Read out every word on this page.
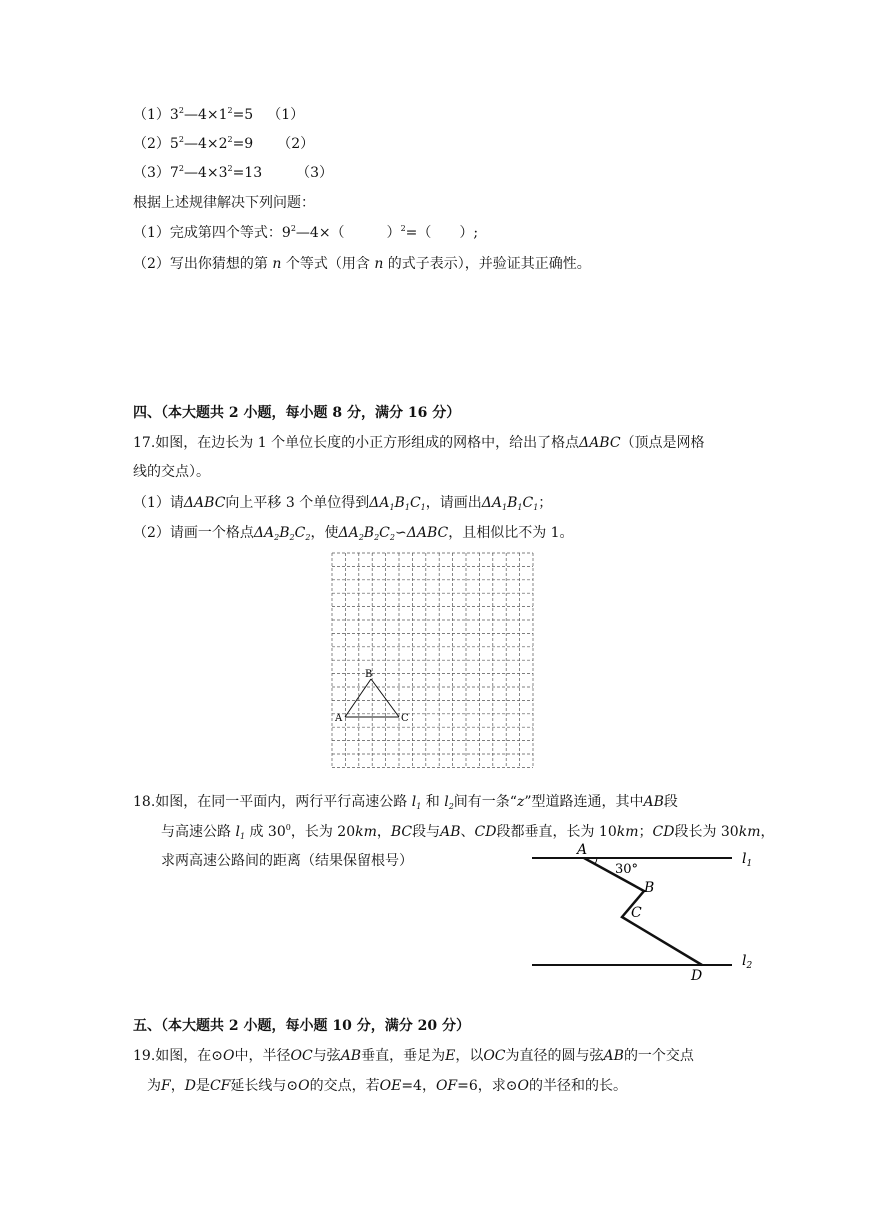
$(1)3^2—4\times 1^2=5$ （1）
$(2)5^2—4\times 2^2=9$ （2）
$(3)7^2—4\times 3^2=13$ （3）
根据上述规律解决下列问题：
（1）完成第四个等式：$9^2—4\times$（　　　）$^2$=（　　）;
（2）写出你猜想的第 n 个等式（用含 n 的式子表示），并验证其正确性。
四、（本大题共 2 小题，每小题 8 分，满分 16 分）
17.如图，在边长为 1 个单位长度的小正方形组成的网格中，给出了格点ΔABC（顶点是网格
线的交点）。
（1）请ΔABC向上平移 3 个单位得到$\Delta A_1B_1C_1$，请画出$\Delta A_1B_1C_1$；
（2）请画一个格点$\Delta A_2B_2C_2$，使$\Delta A_2B_2C_2∽\Delta ABC$，且相似比不为 1。
A
B
C
18.如图，在同一平面内，两行平行高速公路 $l_1$ 和 $l_2$间有一条“z”型道路连通，其中AB段
与高速公路 $l_1$ 成 $30^0$，长为 20km，BC段与AB、CD段都垂直，长为 10km；CD段长为 30km，
求两高速公路间的距离（结果保留根号）
A
30°
B
C
D
$l_1$
$l_2$
五、（本大题共 2 小题，每小题 10 分，满分 20 分）
19.如图，在⊙O中，半径OC与弦AB垂直，垂足为E，以OC为直径的圆与弦AB的一个交点
为F，D是CF延长线与⊙O的交点，若OE=4，OF=6，求⊙O的半径和的长。
